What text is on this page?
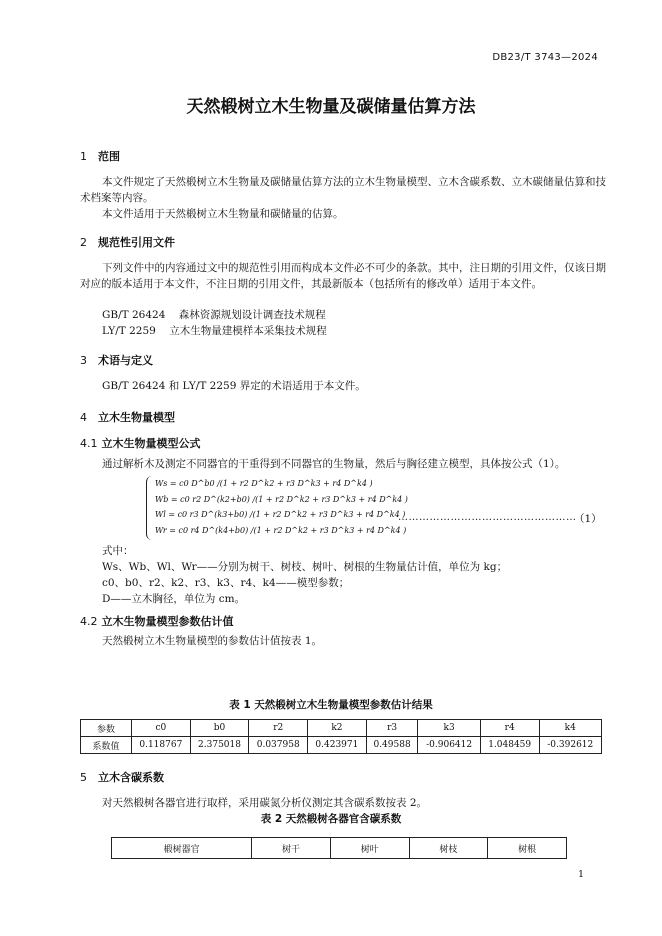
DB23/T 3743—2024
天然椴树立木生物量及碳储量估算方法
1 范围
本文件规定了天然椴树立木生物量及碳储量估算方法的立木生物量模型、立木含碳系数、立木碳储量估算和技术档案等内容。
本文件适用于天然椴树立木生物量和碳储量的估算。
2 规范性引用文件
下列文件中的内容通过文中的规范性引用而构成本文件必不可少的条款。其中，注日期的引用文件，仅该日期对应的版本适用于本文件，不注日期的引用文件，其最新版本（包括所有的修改单）适用于本文件。
GB/T 26424 森林资源规划设计调查技术规程
LY/T 2259 立木生物量建模样本采集技术规程
3 术语与定义
GB/T 26424 和 LY/T 2259 界定的术语适用于本文件。
4 立木生物量模型
4.1 立木生物量模型公式
通过解析木及测定不同器官的干重得到不同器官的生物量，然后与胸径建立模型，具体按公式（1）。
Ws = c0 D^b0 /(1 + r2 D^k2 + r3 D^k3 + r4 D^k4 )
Wb = c0 r2 D^(k2+b0) /(1 + r2 D^k2 + r3 D^k3 + r4 D^k4 )
Wl = c0 r3 D^(k3+b0) /(1 + r2 D^k2 + r3 D^k3 + r4 D^k4 )
Wr = c0 r4 D^(k4+b0) /(1 + r2 D^k2 + r3 D^k3 + r4 D^k4 )
……………………………………………
（1）
式中：
Ws、Wb、Wl、Wr——分别为树干、树枝、树叶、树根的生物量估计值，单位为 kg；
c0、b0、r2、k2、r3、k3、r4、k4——模型参数；
D——立木胸径，单位为 cm。
4.2 立木生物量模型参数估计值
天然椴树立木生物量模型的参数估计值按表 1。
表 1 天然椴树立木生物量模型参数估计结果
参数	c0	b0	r2	k2	r3	k3	r4	k4
系数值	0.118767	2.375018	0.037958	0.423971	0.49588	-0.906412	1.048459	-0.392612
5 立木含碳系数
对天然椴树各器官进行取样，采用碳氮分析仪测定其含碳系数按表 2。
表 2 天然椴树各器官含碳系数
椴树器官	树干	树叶	树枝	树根
1
